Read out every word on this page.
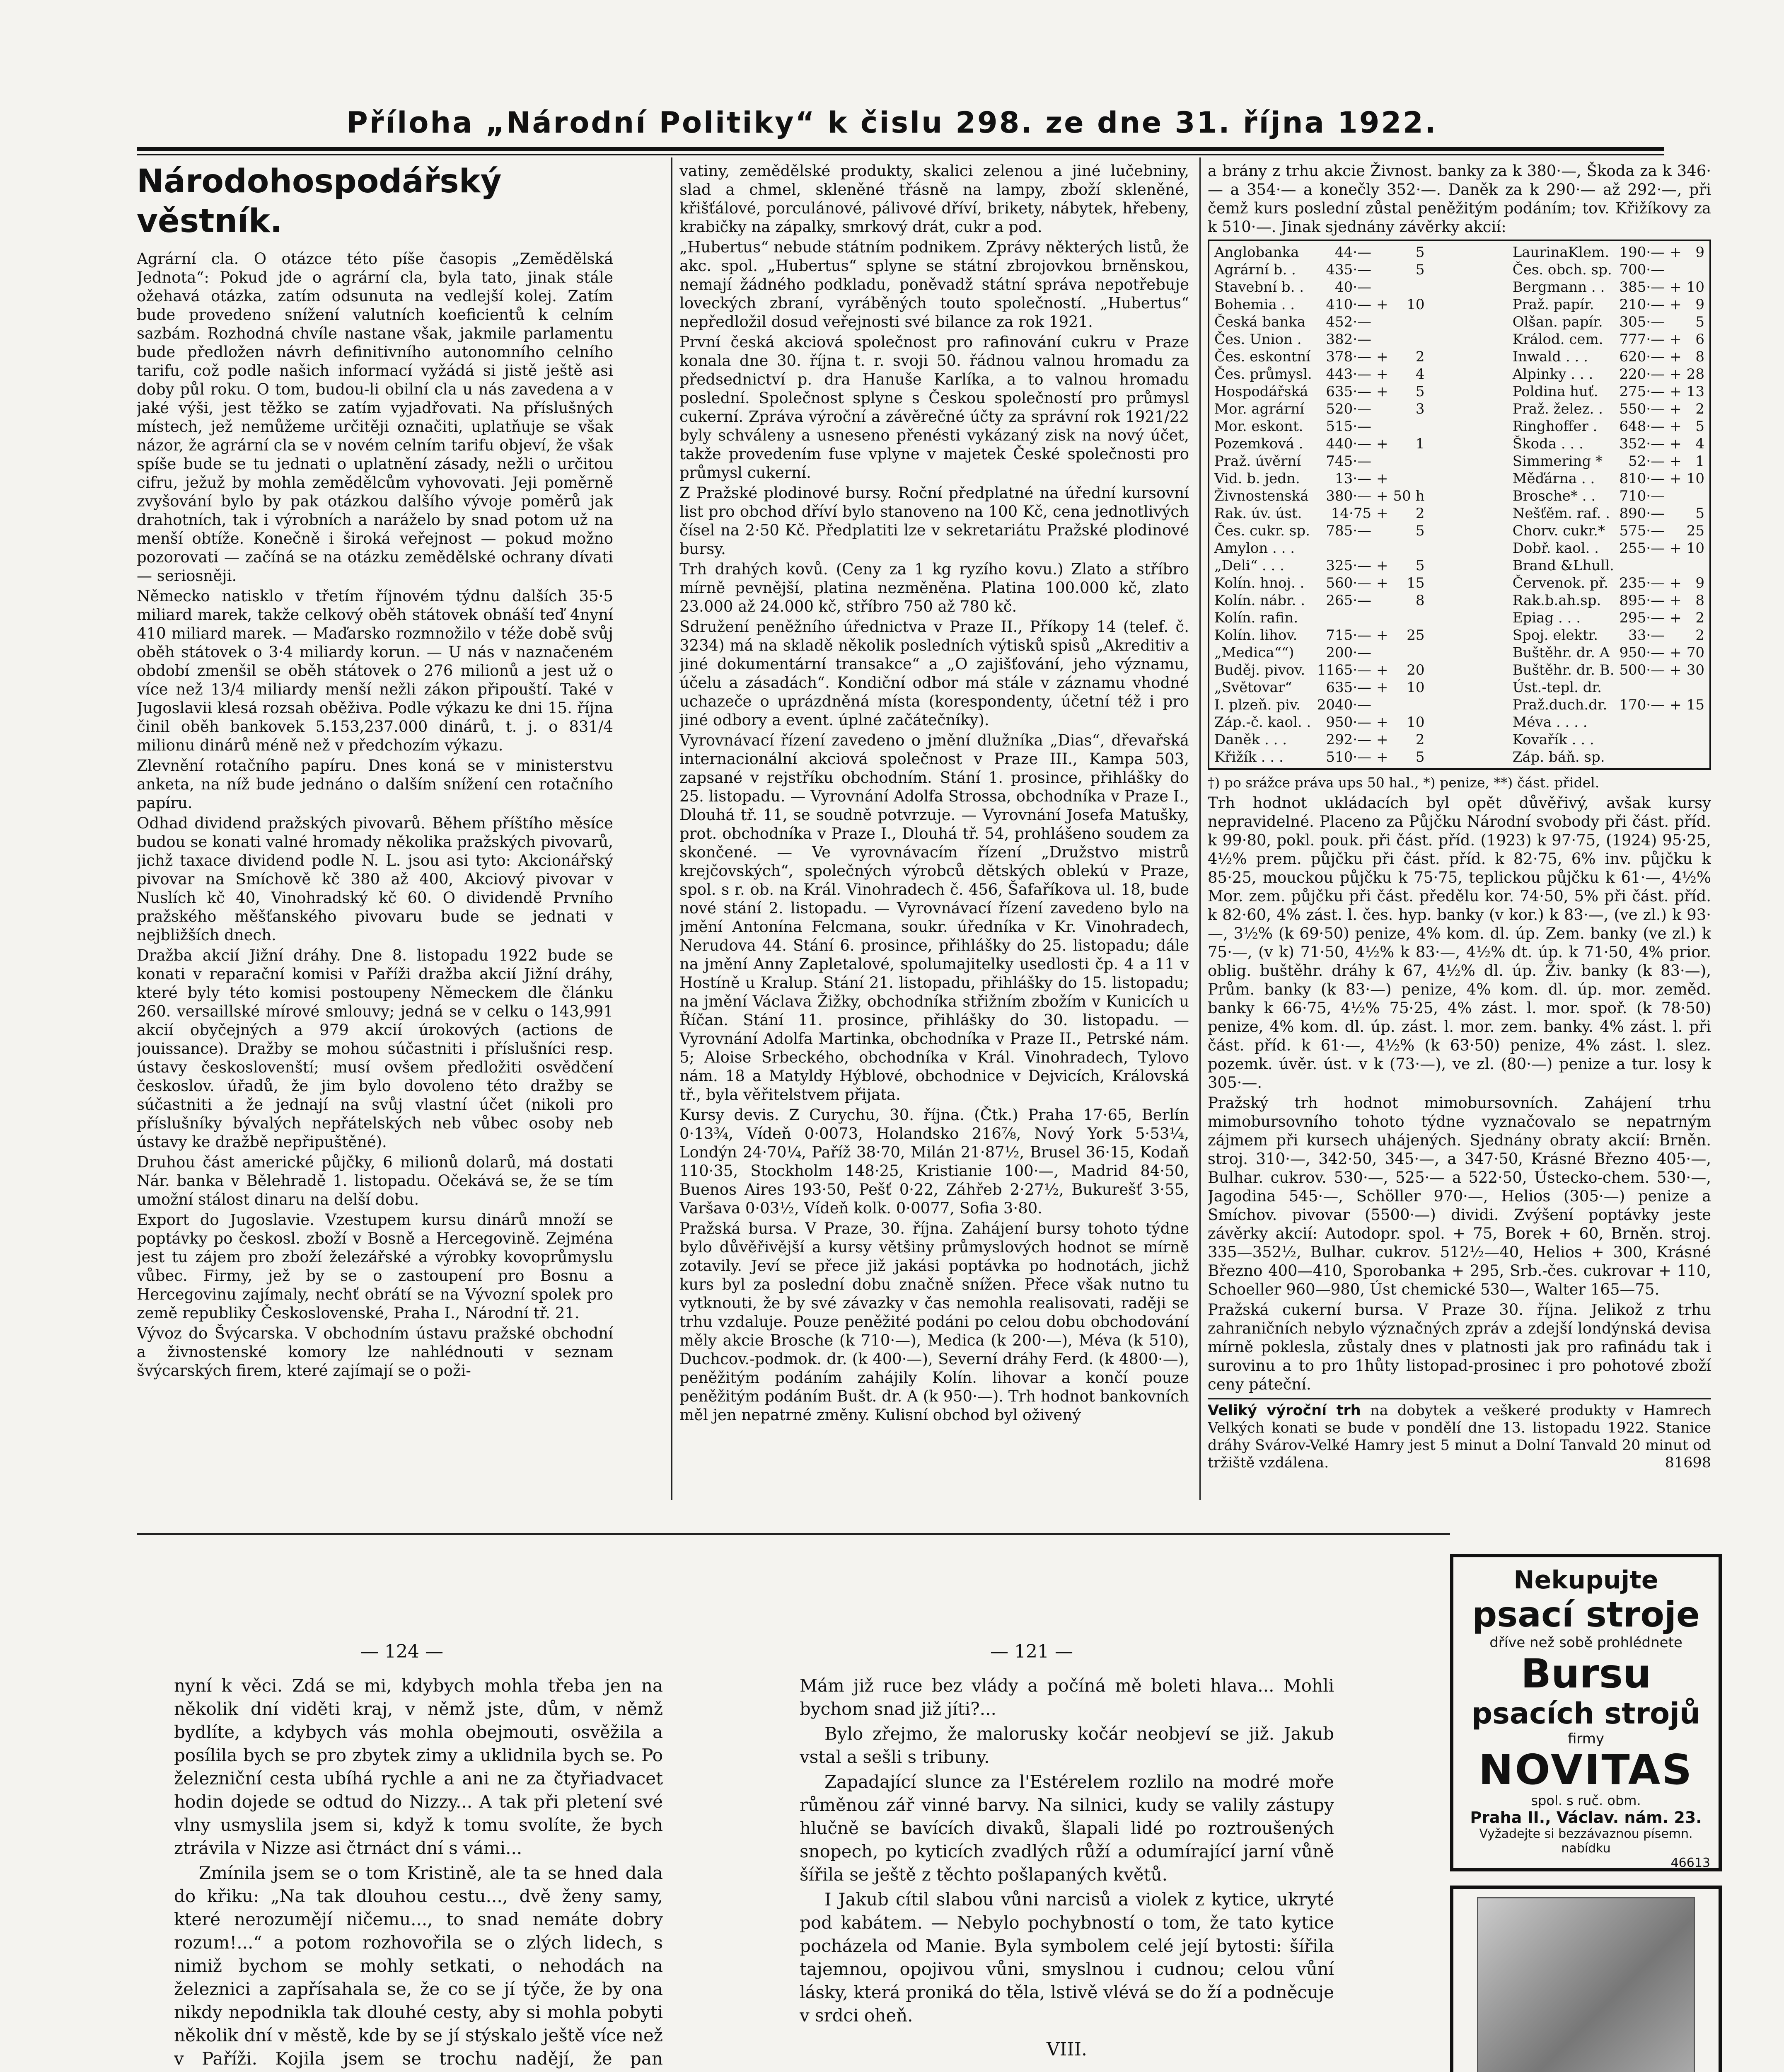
Příloha „Národní Politiky“ k čislu 298. ze dne 31. října 1922.
Národohospodářský věstník.

Agrární cla. O otázce této píše časopis „Zemědělská Jednota“: Pokud jde o agrární cla, byla tato, jinak stále ožehavá otázka, zatím odsunuta na vedlejší kolej. Zatím bude provedeno snížení valutních koeficientů k celním sazbám. Rozhodná chvíle nastane však, jakmile parlamentu bude předložen návrh definitivního autonomního celního tarifu, což podle našich informací vyžádá si jistě ještě asi doby půl roku. O tom, budou-li obilní cla u nás zavedena a v jaké výši, jest těžko se zatím vyjadřovati. Na příslušných místech, jež nemůžeme určitěji označiti, uplatňuje se však názor, že agrární cla se v novém celním tarifu objeví, že však spíše bude se tu jednati o uplatnění zásady, nežli o určitou cifru, ježuž by mohla zemědělcům vyhovovati. Jeji poměrně zvyšování bylo by pak otázkou dalšího vývoje poměrů jak drahotních, tak i výrobních a naráželo by snad potom už na menší obtíže. Konečně i široká veřejnost — pokud možno pozorovati — začíná se na otázku zemědělské ochrany dívati — seriosněji.

Německo natisklo v třetím říjnovém týdnu dalších 35·5 miliard marek, takže celkový oběh státovek obnáší teď 4nyní 410 miliard marek. — Maďarsko rozmnožilo v téže době svůj oběh státovek o 3·4 miliardy korun. — U nás v naznačeném období zmenšil se oběh státovek o 276 milionů a jest už o více než 13/4 miliardy menší nežli zákon připouští. Také v Jugoslavii klesá rozsah oběživa. Podle výkazu ke dni 15. října činil oběh bankovek 5.153,237.000 dinárů, t. j. o 831/4 milionu dinárů méně než v předchozím výkazu.

Zlevnění rotačního papíru. Dnes koná se v ministerstvu anketa, na níž bude jednáno o dalším snížení cen rotačního papíru.

Odhad dividend pražských pivovarů. Během příštího měsíce budou se konati valné hromady několika pražských pivovarů, jichž taxace dividend podle N. L. jsou asi tyto: Akcionářský pivovar na Smíchově kč 380 až 400, Akciový pivovar v Nuslích kč 40, Vinohradský kč 60. O dividendě Prvního pražského měšťanského pivovaru bude se jednati v nejbližších dnech.

Dražba akcií Jižní dráhy. Dne 8. listopadu 1922 bude se konati v reparační komisi v Paříži dražba akcií Jižní dráhy, které byly této komisi postoupeny Německem dle článku 260. versaillské mírové smlouvy; jedná se v celku o 143,991 akcií obyčejných a 979 akcií úrokových (actions de jouissance). Dražby se mohou súčastniti i příslušníci resp. ústavy českoslovenští; musí ovšem předložiti osvědčení českoslov. úřadů, že jim bylo dovoleno této dražby se súčastniti a že jednají na svůj vlastní účet (nikoli pro příslušníky bývalých nepřátelských neb vůbec osoby neb ústavy ke dražbě nepřipuštěné).

Druhou část americké půjčky, 6 milionů dolarů, má dostati Nár. banka v Bělehradě 1. listopadu. Očekává se, že se tím umožní stálost dinaru na delší dobu.

Export do Jugoslavie. Vzestupem kursu dinárů množí se poptávky po českosl. zboží v Bosně a Hercegovině. Zejména jest tu zájem pro zboží železářské a výrobky kovoprůmyslu vůbec. Firmy, jež by se o zastoupení pro Bosnu a Hercegovinu zajímaly, nechť obrátí se na Vývozní spolek pro země republiky Československé, Praha I., Národní tř. 21.

Vývoz do Švýcarska. V obchodním ústavu pražské obchodní a živnostenské komory lze nahlédnouti v seznam švýcarských firem, které zajímají se o poži-

vatiny, zemědělské produkty, skalici zelenou a jiné lučebniny, slad a chmel, skleněné třásně na lampy, zboží skleněné, křišťálové, porculánové, pálivové dříví, brikety, nábytek, hřebeny, krabičky na zápalky, smrkový drát, cukr a pod.

„Hubertus“ nebude státním podnikem. Zprávy některých listů, že akc. spol. „Hubertus“ splyne se státní zbrojovkou brněnskou, nemají žádného podkladu, poněvadž státní správa nepotřebuje loveckých zbraní, vyráběných touto společností. „Hubertus“ nepředložil dosud veřejnosti své bilance za rok 1921.

První česká akciová společnost pro rafinování cukru v Praze konala dne 30. října t. r. svoji 50. řádnou valnou hromadu za předsednictví p. dra Hanuše Karlíka, a to valnou hromadu poslední. Společnost splyne s Českou společností pro průmysl cukerní. Zpráva výroční a závěrečné účty za správní rok 1921/22 byly schváleny a usneseno přenésti vykázaný zisk na nový účet, takže provedením fuse vplyne v majetek České společnosti pro průmysl cukerní.

Z Pražské plodinové bursy. Roční předplatné na úřední kursovní list pro obchod dříví bylo stanoveno na 100 Kč, cena jednotlivých čísel na 2·50 Kč. Předplatiti lze v sekretariátu Pražské plodinové bursy.

Trh drahých kovů. (Ceny za 1 kg ryzího kovu.) Zlato a stříbro mírně pevnější, platina nezměněna. Platina 100.000 kč, zlato 23.000 až 24.000 kč, stříbro 750 až 780 kč.

Sdružení peněžního úřednictva v Praze II., Příkopy 14 (telef. č. 3234) má na skladě několik posledních výtisků spisů „Akreditiv a jiné dokumentární transakce“ a „O zajišťování, jeho významu, účelu a zásadách“. Kondiční odbor má stále v záznamu vhodné uchazeče o uprázdněná místa (korespondenty, účetní též i pro jiné odbory a event. úplné začátečníky).

Vyrovnávací řízení zavedeno o jmění dlužníka „Dias“, dřevařská internacionální akciová společnost v Praze III., Kampa 503, zapsané v rejstříku obchodním. Stání 1. prosince, přihlášky do 25. listopadu. — Vyrovnání Adolfa Strossa, obchodníka v Praze I., Dlouhá tř. 11, se soudně potvrzuje. — Vyrovnání Josefa Matušky, prot. obchodníka v Praze I., Dlouhá tř. 54, prohlášeno soudem za skončené. — Ve vyrovnávacím řízení „Družstvo mistrů krejčovských“, společných výrobců dětských oblekú v Praze, spol. s r. ob. na Král. Vinohradech č. 456, Šafaříkova ul. 18, bude nové stání 2. listopadu. — Vyrovnávací řízení zavedeno bylo na jmění Antonína Felcmana, soukr. úředníka v Kr. Vinohradech, Nerudova 44. Stání 6. prosince, přihlášky do 25. listopadu; dále na jmění Anny Zapletalové, spolumajitelky usedlosti čp. 4 a 11 v Hostíně u Kralup. Stání 21. listopadu, přihlášky do 15. listopadu; na jmění Václava Žižky, obchodníka střižním zbožím v Kunicích u Říčan. Stání 11. prosince, přihlášky do 30. listopadu. — Vyrovnání Adolfa Martinka, obchodníka v Praze II., Petrské nám. 5; Aloise Srbeckého, obchodníka v Král. Vinohradech, Tylovo nám. 18 a Matyldy Hýblové, obchodnice v Dejvicích, Královská tř., byla věřitelstvem přijata.

Kursy devis. Z Curychu, 30. října. (Čtk.) Praha 17·65, Berlín 0·13¾, Vídeň 0·0073, Holandsko 216⅞, Nový York 5·53¼, Londýn 24·70¼, Paříž 38·70, Milán 21·87½, Brusel 36·15, Kodaň 110·35, Stockholm 148·25, Kristianie 100·—, Madrid 84·50, Buenos Aires 193·50, Pešť 0·22, Záhřeb 2·27½, Bukurešť 3·55, Varšava 0·03½, Vídeň kolk. 0·0077, Sofia 3·80.

Pražská bursa. V Praze, 30. října. Zahájení bursy tohoto týdne bylo důvěřivější a kursy většiny průmyslových hodnot se mírně zotavily. Jeví se přece již jakási poptávka po hodnotách, jichž kurs byl za poslední dobu značně snížen. Přece však nutno tu vytknouti, že by své závazky v čas nemohla realisovati, raději se trhu vzdaluje. Pouze peněžité podáni po celou dobu obchodování měly akcie Brosche (k 710·—), Medica (k 200·—), Méva (k 510), Duchcov.-podmok. dr. (k 400·—), Severní dráhy Ferd. (k 4800·—), peněžitým podáním zahájily Kolín. lihovar a končí pouze peněžitým podáním Bušt. dr. A (k 950·—). Trh hodnot bankovních měl jen nepatrné změny. Kulisní obchod byl oživený

a brány z trhu akcie Živnost. banky za k 380·—, Škoda za k 346·— a 354·— a konečly 352·—. Daněk za k 290·— až 292·—, při čemž kurs poslední zůstal peněžitým podáním; tov. Křižíkovy za k 510·—. Jinak sjednány závěrky akcií:

Anglobanka	44·—		5
Agrární b. .	435·—		5
Stavební b. .	40·—		
Bohemia . .	410·—	+	10
Česká banka	452·—		
Čes. Union .	382·—		
Čes. eskontní	378·—	+	2
Čes. průmysl.	443·—	+	4
Hospodářská	635·—	+	5
Mor. agrární	520·—		3
Mor. eskont.	515·—		
Pozemková .	440·—	+	1
Praž. úvěrní	745·—		
Vid. b. jedn.	13·—	+	
Živnostenská	380·—	+	50 h
Rak. úv. úst.	14·75	+	2
Čes. cukr. sp.	785·—		5
Amylon . . .			
„Deli“ . . .	325·—	+	5
Kolín. hnoj. .	560·—	+	15
Kolín. nábr. .	265·—		8
Kolín. rafin.			
Kolín. lihov.	715·—	+	25
„Medica““)	200·—		
Buděj. pivov.	1165·—	+	20
„Světovar“	635·—	+	10
I. plzeň. piv.	2040·—		
Záp.-č. kaol. .	950·—	+	10
Daněk . . .	292·—	+	2
Křižík . . .	510·—	+	5
LaurinaKlem.	190·—	+	9
Čes. obch. sp.	700·—		
Bergmann . .	385·—	+	10
Praž. papír.	210·—	+	9
Olšan. papír.	305·—		5
Králod. cem.	777·—	+	6
Inwald . . .	620·—	+	8
Alpinky . . .	220·—	+	28
Poldina huť.	275·—	+	13
Praž. želez. .	550·—	+	2
Ringhoffer .	648·—	+	5
Škoda . . .	352·—	+	4
Simmering *	52·—	+	1
Měďárna . .	810·—	+	10
Brosche* . .	710·—		
Nešťěm. raf. .	890·—		5
Chorv. cukr.*	575·—		25
Dobř. kaol. .	255·—	+	10
Brand &Lhull.			
Červenok. př.	235·—	+	9
Rak.b.ah.sp.	895·—	+	8
Epiag . . .	295·—	+	2
Spoj. elektr.	33·—		2
Buštěhr. dr. A	950·—	+	70
Buštěhr. dr. B.	500·—	+	30
Úst.-tepl. dr.			
Praž.duch.dr.	170·—	+	15
Méva . . . .			
Kovařík . . .			
Záp. báň. sp.			

†) po srážce práva ups 50 hal., *) penize, **) část. přidel.

Trh hodnot ukládacích byl opět důvěřivý, avšak kursy nepravidelné. Placeno za Půjčku Národní svobody při část. příd. k 99·80, pokl. pouk. při část. příd. (1923) k 97·75, (1924) 95·25, 4½% prem. půjčku při část. příd. k 82·75, 6% inv. půjčku k 85·25, mouckou půjčku k 75·75, teplickou půjčku k 61·—, 4½% Mor. zem. půjčku při část. předělu kor. 74·50, 5% při část. příd. k 82·60, 4% zást. l. čes. hyp. banky (v kor.) k 83·—, (ve zl.) k 93·—, 3½% (k 69·50) penize, 4% kom. dl. úp. Zem. banky (ve zl.) k 75·—, (v k) 71·50, 4½% k 83·—, 4½% dt. úp. k 71·50, 4% prior. oblig. buštěhr. dráhy k 67, 4½% dl. úp. Živ. banky (k 83·—), Prům. banky (k 83·—) penize, 4% kom. dl. úp. mor. zeměd. banky k 66·75, 4½% 75·25, 4% zást. l. mor. spoř. (k 78·50) penize, 4% kom. dl. úp. zást. l. mor. zem. banky. 4% zást. l. při část. příd. k 61·—, 4½% (k 63·50) penize, 4% zást. l. slez. pozemk. úvěr. úst. v k (73·—), ve zl. (80·—) penize a tur. losy k 305·—.

Pražský trh hodnot mimobursovních. Zahájení trhu mimobursovního tohoto týdne vyznačovalo se nepatrným zájmem při kursech uhájených. Sjednány obraty akcií: Brněn. stroj. 310·—, 342·50, 345·—, a 347·50, Krásné Březno 405·—, Bulhar. cukrov. 530·—, 525·— a 522·50, Ústecko-chem. 530·—, Jagodina 545·—, Schöller 970·—, Helios (305·—) penize a Smíchov. pivovar (5500·—) dividi. Zvýšení poptávky jeste závěrky akcií: Autodopr. spol. + 75, Borek + 60, Brněn. stroj. 335—352½, Bulhar. cukrov. 512½—40, Helios + 300, Krásné Březno 400—410, Sporobanka + 295, Srb.-čes. cukrovar + 110, Schoeller 960—980, Úst chemické 530—, Walter 165—75.

Pražská cukerní bursa. V Praze 30. října. Jelikož z trhu zahraničních nebylo význačných zpráv a zdejší londýnská devisa mírně poklesla, zůstaly dnes v platnosti jak pro rafinádu tak i surovinu a to pro 1hůty listopad-prosinec i pro pohotové zboží ceny páteční.

Veliký výroční trh na dobytek a veškeré produkty v Hamrech Velkých konati se bude v pondělí dne 13. listopadu 1922. Stanice dráhy Svárov-Velké Hamry jest 5 minut a Dolní Tanvald 20 minut od tržiště vzdálena.	81698

— 124 —	— 121 —

nyní k věci. Zdá se mi, kdybych mohla třeba jen na několik dní viděti kraj, v němž jste, dům, v němž bydlíte, a kdybych vás mohla obejmouti, osvěžila a posílila bych se pro zbytek zimy a uklidnila bych se. Po železniční cesta ubíhá rychle a ani ne za čtyřiadvacet hodin dojede se odtud do Nizzy... A tak při pletení své vlny usmyslila jsem si, když k tomu svolíte, že bych ztrávila v Nizze asi čtrnáct dní s vámi...

Zmínila jsem se o tom Kristině, ale ta se hned dala do křiku: „Na tak dlouhou cestu..., dvě ženy samy, které nerozumějí ničemu..., to snad nemáte dobry rozum!...“ a potom rozhovořila se o zlých lidech, s nimiž bychom se mohly setkati, o nehodách na železnici a zapřísahala se, že co se jí týče, že by ona nikdy nepodnikla tak dlouhé cesty, aby si mohla pobyti několik dní v městě, kde by se jí stýskalo ještě více než v Paříži. Kojila jsem se trochu nadějí, že pan

Mám již ruce bez vlády a počíná mě boleti hlava... Mohli bychom snad již jíti?...

Bylo zřejmo, že malorusky kočár neobjeví se již. Jakub vstal a sešli s tribuny.

Zapadající slunce za l'Estérelem rozlilo na modré moře růměnou zář vinné barvy. Na silnici, kudy se valily zástupy hlučně se bavících divaků, šlapali lidé po roztroušených snopech, po kyticích zvadlých růží a odumírající jarní vůně šířila se ještě z těchto pošlapaných květů.

I Jakub cítil slabou vůni narcisů a violek z kytice, ukryté pod kabátem. — Nebylo pochybností o tom, že tato kytice pocházela od Manie. Byla symbolem celé její bytosti: šířila tajemnou, opojivou vůni, smyslnou i cudnou; celou vůní lásky, která proniká do těla, lstivě vlévá se do ží a podněcuje v srdci oheň.

VIII.

Nekupujte
psací stroje
dříve než sobě prohlédnete
Bursu
psacích strojů
firmy
NOVITAS
spol. s ruč. obm.
Praha II., Václav. nám. 23.
Vyžadejte si bezzávaznou písemn. nabídku
46613
